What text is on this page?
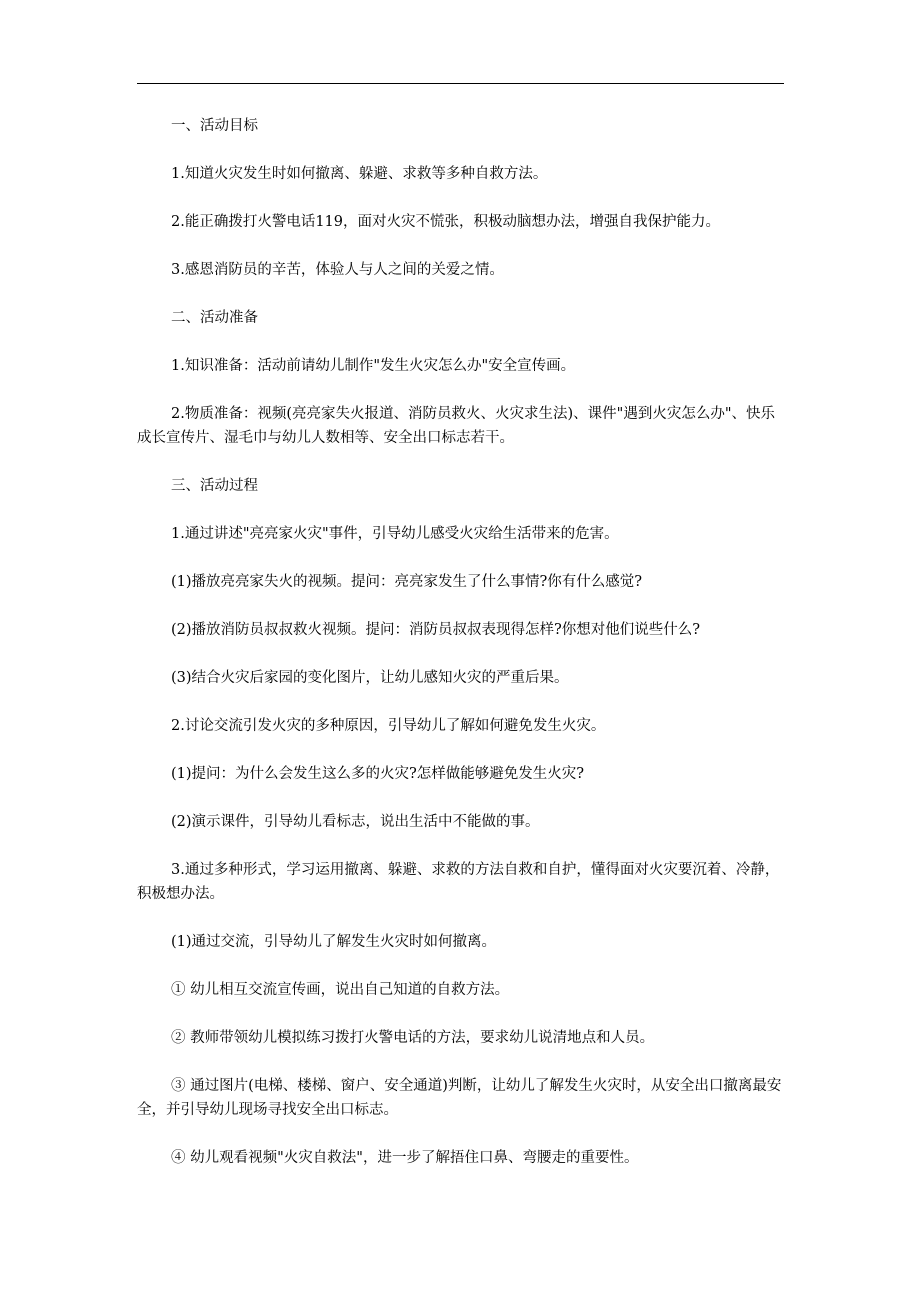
一、活动目标

1.知道火灾发生时如何撤离、躲避、求救等多种自救方法。

2.能正确拨打火警电话119，面对火灾不慌张，积极动脑想办法，增强自我保护能力。

3.感恩消防员的辛苦，体验人与人之间的关爱之情。

二、活动准备

1.知识准备：活动前请幼儿制作"发生火灾怎么办"安全宣传画。

2.物质准备：视频(亮亮家失火报道、消防员救火、火灾求生法)、课件"遇到火灾怎么办"、快乐成长宣传片、湿毛巾与幼儿人数相等、安全出口标志若干。

三、活动过程

1.通过讲述"亮亮家火灾"事件，引导幼儿感受火灾给生活带来的危害。

(1)播放亮亮家失火的视频。提问：亮亮家发生了什么事情?你有什么感觉?

(2)播放消防员叔叔救火视频。提问：消防员叔叔表现得怎样?你想对他们说些什么?

(3)结合火灾后家园的变化图片，让幼儿感知火灾的严重后果。

2.讨论交流引发火灾的多种原因，引导幼儿了解如何避免发生火灾。

(1)提问：为什么会发生这么多的火灾?怎样做能够避免发生火灾?

(2)演示课件，引导幼儿看标志，说出生活中不能做的事。

3.通过多种形式，学习运用撤离、躲避、求救的方法自救和自护，懂得面对火灾要沉着、冷静，积极想办法。

(1)通过交流，引导幼儿了解发生火灾时如何撤离。

① 幼儿相互交流宣传画，说出自己知道的自救方法。

② 教师带领幼儿模拟练习拨打火警电话的方法，要求幼儿说清地点和人员。

③ 通过图片(电梯、楼梯、窗户、安全通道)判断，让幼儿了解发生火灾时，从安全出口撤离最安全，并引导幼儿现场寻找安全出口标志。

④ 幼儿观看视频"火灾自救法"，进一步了解捂住口鼻、弯腰走的重要性。
